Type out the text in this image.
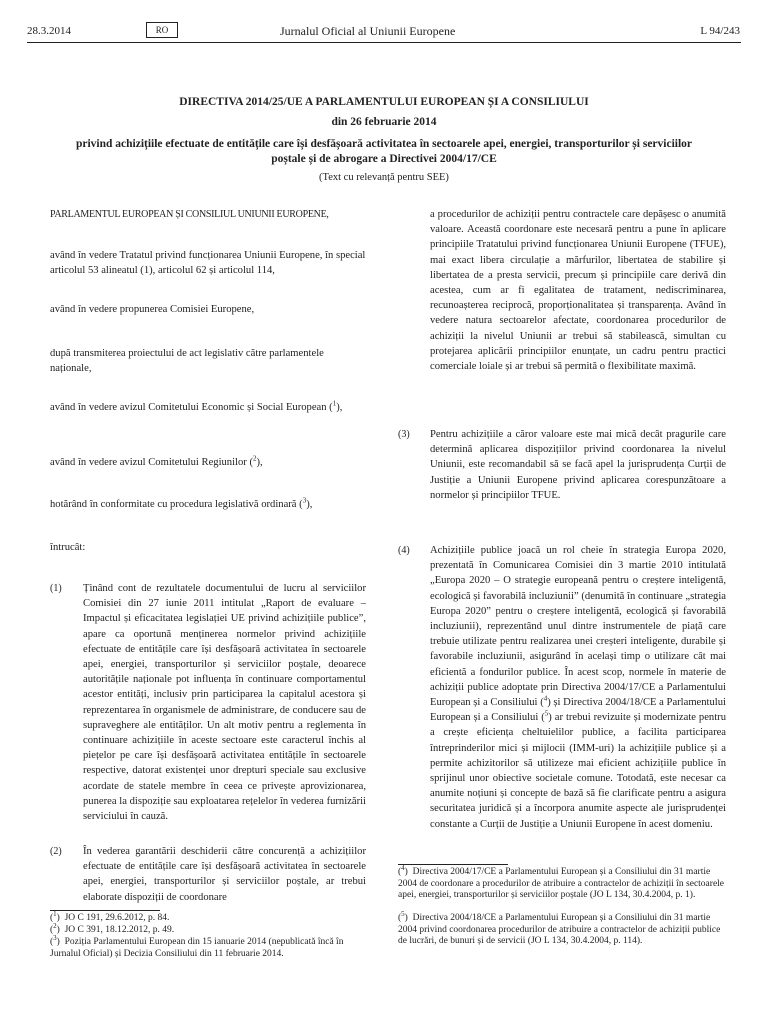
28.3.2014	RO	Jurnalul Oficial al Uniunii Europene	L 94/243
DIRECTIVA 2014/25/UE A PARLAMENTULUI EUROPEAN ȘI A CONSILIULUI
din 26 februarie 2014
privind achizițiile efectuate de entitățile care își desfășoară activitatea în sectoarele apei, energiei, transporturilor și serviciilor poștale și de abrogare a Directivei 2004/17/CE
(Text cu relevanță pentru SEE)

PARLAMENTUL EUROPEAN ȘI CONSILIUL UNIUNII EUROPENE,

având în vedere Tratatul privind funcționarea Uniunii Europene, în special articolul 53 alineatul (1), articolul 62 și articolul 114,

având în vedere propunerea Comisiei Europene,

după transmiterea proiectului de act legislativ către parlamentele naționale,

având în vedere avizul Comitetului Economic și Social European ($^1$),

având în vedere avizul Comitetului Regiunilor ($^2$),

hotărând în conformitate cu procedura legislativă ordinară ($^3$),

întrucât:

(1) Ținând cont de rezultatele documentului de lucru al serviciilor Comisiei din 27 iunie 2011 intitulat „Raport de evaluare – Impactul și eficacitatea legislației UE privind achizițiile publice”, apare ca oportună menținerea normelor privind achizițiile efectuate de entitățile care își desfășoară activitatea în sectoarele apei, energiei, transporturilor și serviciilor poștale, deoarece autoritățile naționale pot influența în continuare comportamentul acestor entități, inclusiv prin participarea la capitalul acestora și reprezentarea în organismele de administrare, de conducere sau de supraveghere ale entităților. Un alt motiv pentru a reglementa în continuare achizițiile în aceste sectoare este caracterul închis al piețelor pe care își desfășoară activitatea entitățile în sectoarele respective, datorat existenței unor drepturi speciale sau exclusive acordate de statele membre în ceea ce privește aprovizionarea, punerea la dispoziție sau exploatarea rețelelor în vederea furnizării serviciului în cauză.
(2) În vederea garantării deschiderii către concurență a achizițiilor efectuate de entitățile care își desfășoară activitatea în sectoarele apei, energiei, transporturilor și serviciilor poștale, ar trebui elaborate dispoziții de coordonare
($^1$)  JO C 191, 29.6.2012, p. 84.
($^2$)  JO C 391, 18.12.2012, p. 49.
($^3$)  Poziția Parlamentului European din 15 ianuarie 2014 (nepublicată încă în Jurnalul Oficial) și Decizia Consiliului din 11 februarie 2014.
a procedurilor de achiziții pentru contractele care depășesc o anumită valoare. Această coordonare este necesară pentru a pune în aplicare principiile Tratatului privind funcționarea Uniunii Europene (TFUE), mai exact libera circulație a mărfurilor, libertatea de stabilire și libertatea de a presta servicii, precum și principiile care derivă din acestea, cum ar fi egalitatea de tratament, nediscriminarea, recunoașterea reciprocă, proporționalitatea și transparența. Având în vedere natura sectoarelor afectate, coordonarea procedurilor de achiziții la nivelul Uniunii ar trebui să stabilească, simultan cu protejarea aplicării principiilor enunțate, un cadru pentru practici comerciale loiale și ar trebui să permită o flexibilitate maximă.
(3) Pentru achizițiile a căror valoare este mai mică decât pragurile care determină aplicarea dispozițiilor privind coordonarea la nivelul Uniunii, este recomandabil să se facă apel la jurisprudența Curții de Justiție a Uniunii Europene privind aplicarea corespunzătoare a normelor și principiilor TFUE.
(4) Achizițiile publice joacă un rol cheie în strategia Europa 2020, prezentată în Comunicarea Comisiei din 3 martie 2010 intitulată „Europa 2020 – O strategie europeană pentru o creștere inteligentă, ecologică și favorabilă incluziunii” (denumită în continuare „strategia Europa 2020” pentru o creștere inteligentă, ecologică și favorabilă incluziunii), reprezentând unul dintre instrumentele de piață care trebuie utilizate pentru realizarea unei creșteri inteligente, durabile și favorabile incluziunii, asigurând în același timp o utilizare cât mai eficientă a fondurilor publice. În acest scop, normele în materie de achiziții publice adoptate prin Directiva 2004/17/CE a Parlamentului European și a Consiliului ($^4$) și Directiva 2004/18/CE a Parlamentului European și a Consiliului ($^5$) ar trebui revizuite și modernizate pentru a crește eficiența cheltuielilor publice, a facilita participarea întreprinderilor mici și mijlocii (IMM-uri) la achizițiile publice și a permite achizitorilor să utilizeze mai eficient achizițiile publice în sprijinul unor obiective societale comune. Totodată, este necesar ca anumite noțiuni și concepte de bază să fie clarificate pentru a asigura securitatea juridică și a încorpora anumite aspecte ale jurisprudenței constante a Curții de Justiție a Uniunii Europene în acest domeniu.
($^4$)  Directiva 2004/17/CE a Parlamentului European și a Consiliului din 31 martie 2004 de coordonare a procedurilor de atribuire a contractelor de achiziții în sectoarele apei, energiei, transporturilor și serviciilor poștale (JO L 134, 30.4.2004, p. 1).
($^5$)  Directiva 2004/18/CE a Parlamentului European și a Consiliului din 31 martie 2004 privind coordonarea procedurilor de atribuire a contractelor de achiziții publice de lucrări, de bunuri și de servicii (JO L 134, 30.4.2004, p. 114).
